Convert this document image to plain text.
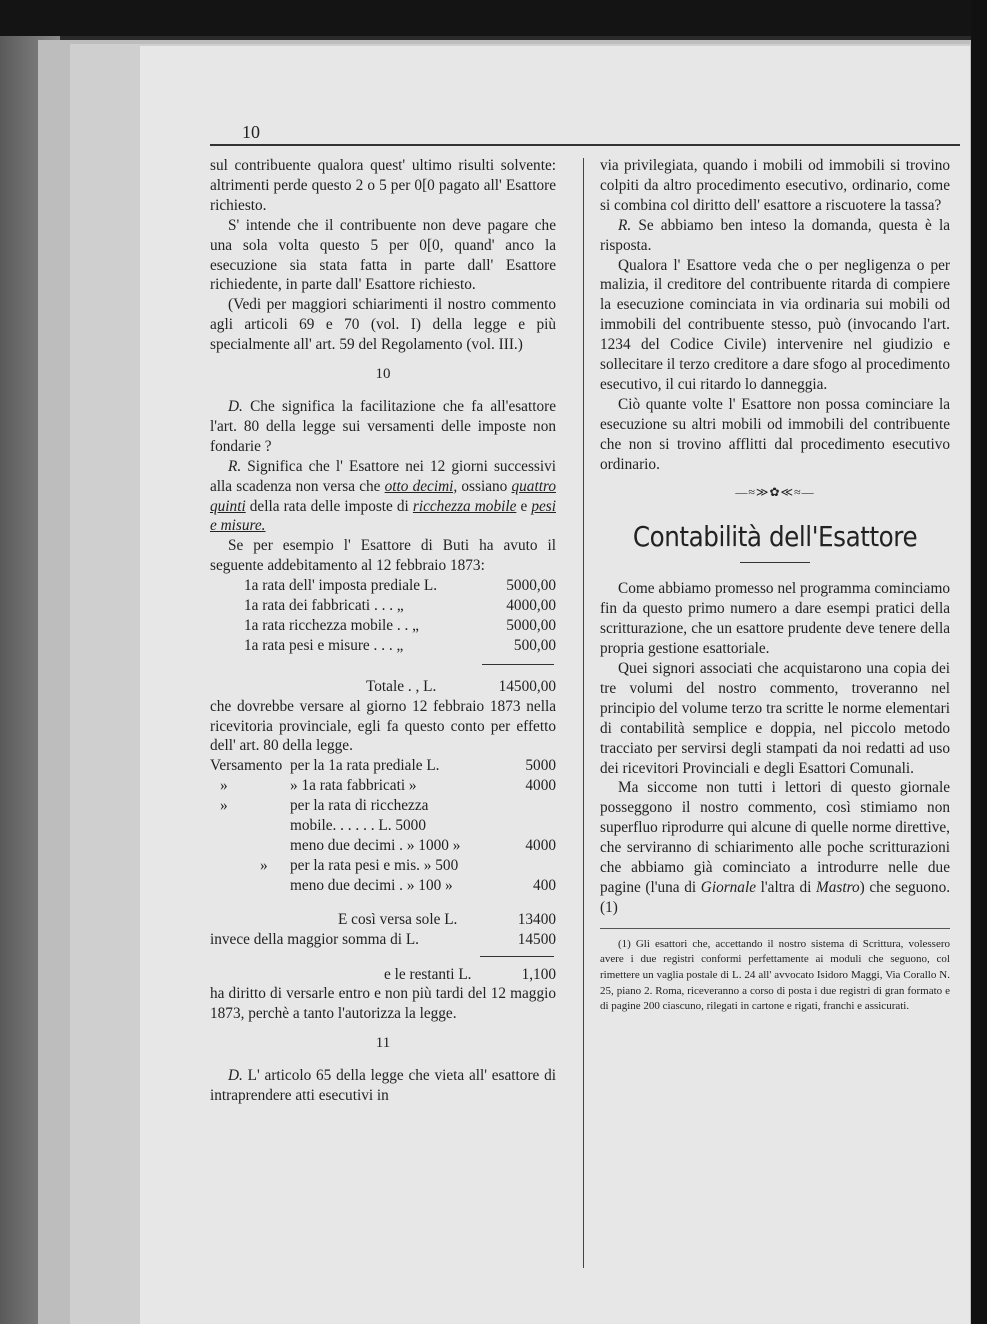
10

sul contribuente qualora quest' ultimo risulti solvente: altrimenti perde questo 2 o 5 per 0[0 pagato all' Esattore richiesto.

S' intende che il contribuente non deve pagare che una sola volta questo 5 per 0[0, quand' anco la esecuzione sia stata fatta in parte dall' Esattore richiedente, in parte dall' Esattore richiesto.

(Vedi per maggiori schiarimenti il nostro commento agli articoli 69 e 70 (vol. I) della legge e più specialmente all' art. 59 del Regolamento (vol. III.)

10

D. Che significa la facilitazione che fa all'esattore l'art. 80 della legge sui versamenti delle imposte non fondarie ?

R. Significa che l' Esattore nei 12 giorni successivi alla scadenza non versa che otto decimi, ossiano quattro quinti della rata delle imposte di ricchezza mobile e pesi e misure.

Se per esempio l' Esattore di Buti ha avuto il seguente addebitamento al 12 febbraio 1873:

1a rata dell' imposta prediale L.	5000,00
1a rata dei fabbricati . . . „	4000,00
1a rata ricchezza mobile . . „	5000,00
1a rata pesi e misure . . . „	500,00
Totale . , L.	14500,00

che dovrebbe versare al giorno 12 febbraio 1873 nella ricevitoria provinciale, egli fa questo conto per effetto dell' art. 80 della legge.

Versamento per la 1a rata prediale L.	5000
»	» 1a rata fabbricati »	4000
»	per la rata di ricchezza
mobile. . . . . . L. 5000
meno due decimi . » 1000 »	4000
»	per la rata pesi e mis. » 500
meno due decimi . » 100 »	400
E così versa sole L.	13400
invece della maggior somma di L.	14500
e le restanti L.	1,100

ha diritto di versarle entro e non più tardi del 12 maggio 1873, perchè a tanto l'autorizza la legge.

11

D. L' articolo 65 della legge che vieta all' esattore di intraprendere atti esecutivi in

via privilegiata, quando i mobili od immobili si trovino colpiti da altro procedimento esecutivo, ordinario, come si combina col diritto dell' esattore a riscuotere la tassa?

R. Se abbiamo ben inteso la domanda, questa è la risposta.

Qualora l' Esattore veda che o per negligenza o per malizia, il creditore del contribuente ritarda di compiere la esecuzione cominciata in via ordinaria sui mobili od immobili del contribuente stesso, può (invocando l'art. 1234 del Codice Civile) intervenire nel giudizio e sollecitare il terzo creditore a dare sfogo al procedimento esecutivo, il cui ritardo lo danneggia.

Ciò quante volte l' Esattore non possa cominciare la esecuzione su altri mobili od immobili del contribuente che non si trovino afflitti dal procedimento esecutivo ordinario.

—≈≫✿≪≈—

Contabilità dell'Esattore

Come abbiamo promesso nel programma cominciamo fin da questo primo numero a dare esempi pratici della scritturazione, che un esattore prudente deve tenere della propria gestione esattoriale.

Quei signori associati che acquistarono una copia dei tre volumi del nostro commento, troveranno nel principio del volume terzo tra scritte le norme elementari di contabilità semplice e doppia, nel piccolo metodo tracciato per servirsi degli stampati da noi redatti ad uso dei ricevitori Provinciali e degli Esattori Comunali.

Ma siccome non tutti i lettori di questo giornale posseggono il nostro commento, così stimiamo non superfluo riprodurre qui alcune di quelle norme direttive, che serviranno di schiarimento alle poche scritturazioni che abbiamo già cominciato a introdurre nelle due pagine (l'una di Giornale l'altra di Mastro) che seguono. (1)

(1) Gli esattori che, accettando il nostro sistema di Scrittura, volessero avere i due registri conformi perfettamente ai moduli che seguono, col rimettere un vaglia postale di L. 24 all' avvocato Isidoro Maggi, Via Corallo N. 25, piano 2. Roma, riceveranno a corso di posta i due registri di gran formato e di pagine 200 ciascuno, rilegati in cartone e rigati, franchi e assicurati.
